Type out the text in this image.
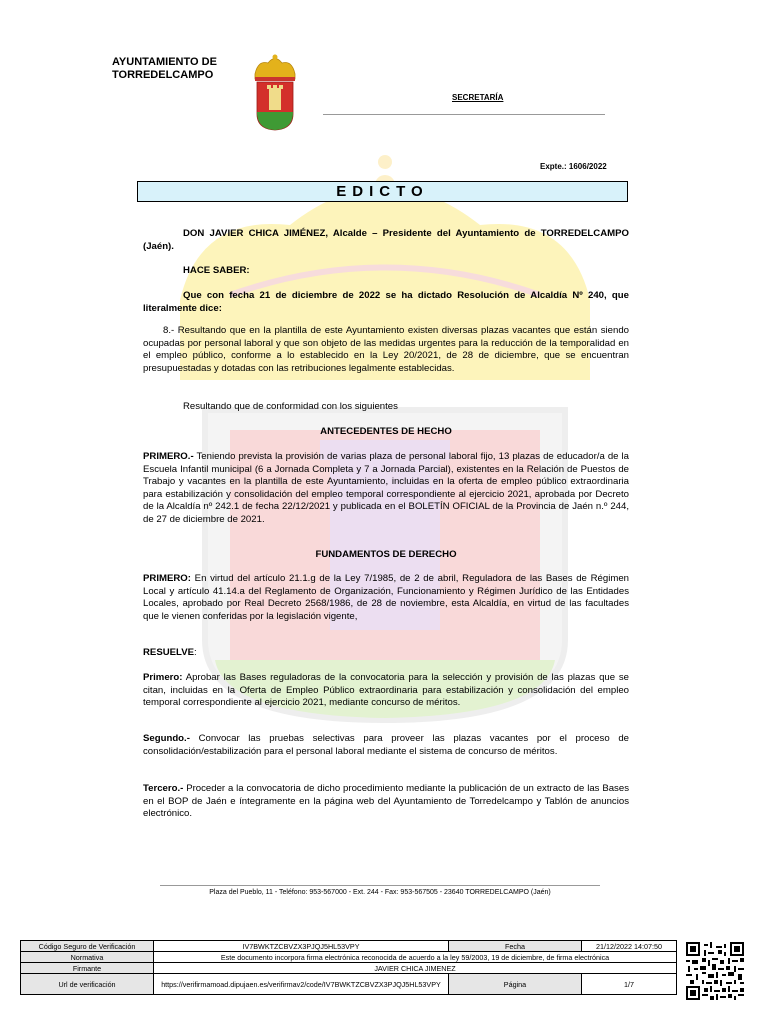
AYUNTAMIENTO DE
TORREDELCAMPO
SECRETARÍA
Expte.: 1606/2022
EDICTO
DON JAVIER CHICA JIMÉNEZ, Alcalde – Presidente del Ayuntamiento de TORREDELCAMPO (Jaén).
HACE SABER:
Que con fecha 21 de diciembre de 2022 se ha dictado Resolución de Alcaldía Nº 240, que literalmente dice:
8.- Resultando que en la plantilla de este Ayuntamiento existen diversas plazas vacantes que están siendo ocupadas por personal laboral y que son objeto de las medidas urgentes para la reducción de la temporalidad en el empleo público, conforme a lo establecido en la Ley 20/2021, de 28 de diciembre, que se encuentran presupuestadas y dotadas con las retribuciones legalmente establecidas.
Resultando que de conformidad con los siguientes
ANTECEDENTES DE HECHO
PRIMERO.- Teniendo prevista la provisión de varias plaza de personal laboral fijo, 13 plazas de educador/a de la Escuela Infantil municipal (6 a Jornada Completa y 7 a Jornada Parcial), existentes en la Relación de Puestos de Trabajo y vacantes en la plantilla de este Ayuntamiento, incluidas en la oferta de empleo público extraordinaria para estabilización y consolidación del empleo temporal correspondiente al ejercicio 2021, aprobada por Decreto de la Alcaldía nº 242.1 de fecha 22/12/2021 y publicada en el BOLETÍN OFICIAL de la Provincia de Jaén n.º 244, de 27 de diciembre de 2021.
FUNDAMENTOS DE DERECHO
PRIMERO: En virtud del artículo 21.1.g de la Ley 7/1985, de 2 de abril, Reguladora de las Bases de Régimen Local y artículo 41.14.a del Reglamento de Organización, Funcionamiento y Régimen Jurídico de las Entidades Locales, aprobado por Real Decreto 2568/1986, de 28 de noviembre, esta Alcaldía, en virtud de las facultades que le vienen conferidas por la legislación vigente,
RESUELVE:
Primero: Aprobar las Bases reguladoras de la convocatoria para la selección y provisión de las plazas que se citan, incluidas en la Oferta de Empleo Público extraordinaria para estabilización y consolidación del empleo temporal correspondiente al ejercicio 2021, mediante concurso de méritos.
Segundo.- Convocar las pruebas selectivas para proveer las plazas vacantes por el proceso de consolidación/estabilización para el personal laboral mediante el sistema de concurso de méritos.
Tercero.- Proceder a la convocatoria de dicho procedimiento mediante la publicación de un extracto de las Bases en el BOP de Jaén e íntegramente en la página web del Ayuntamiento de Torredelcampo y Tablón de anuncios electrónico.
Plaza del Pueblo, 11 - Teléfono: 953-567000 - Ext. 244 - Fax: 953-567505 - 23640 TORREDELCAMPO (Jaén)
Código Seguro de Verificación	IV7BWKTZCBVZX3PJQJ5HL53VPY	Fecha	21/12/2022 14:07:50
Normativa	Este documento incorpora firma electrónica reconocida de acuerdo a la ley 59/2003, 19 de diciembre, de firma electrónica		
Firmante	JAVIER CHICA JIMENEZ		
Url de verificación	https://verifirmamoad.dipujaen.es/verifirmav2/code/IV7BWKTZCBVZX3PJQJ5HL53VPY	Página	1/7
